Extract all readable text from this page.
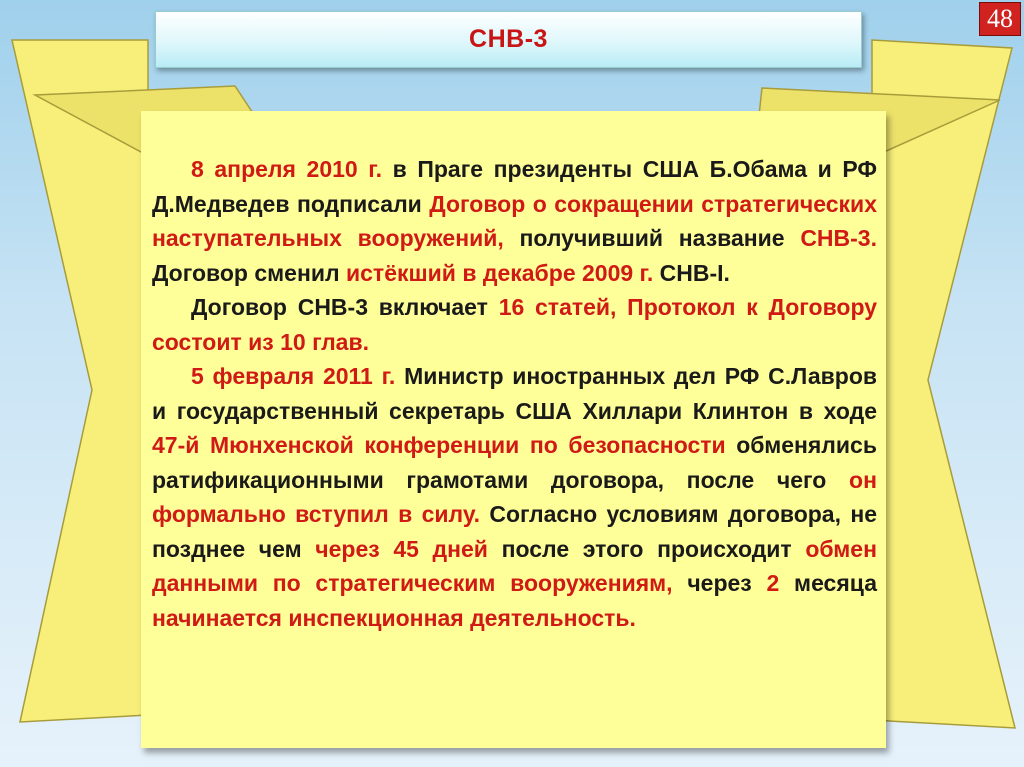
СНВ-3
48

8 апреля 2010 г. в Праге президенты США Б.Обама и РФ Д.Медведев подписали Договор о сокращении стратегических наступательных вооружений, получивший название СНВ-3. Договор сменил истёкший в декабре 2009 г. СНВ-I.

Договор СНВ-3 включает 16 статей, Протокол к Договору состоит из 10 глав.

5 февраля 2011 г. Министр иностранных дел РФ С.Лавров и государственный секретарь США Хиллари Клинтон в ходе 47-й Мюнхенской конференции по безопасности обменялись ратификационными грамотами договора, после чего он формально вступил в силу. Согласно условиям договора, не позднее чем через 45 дней после этого происходит обмен данными по стратегическим вооружениям, через 2 месяца начинается инспекционная деятельность.
